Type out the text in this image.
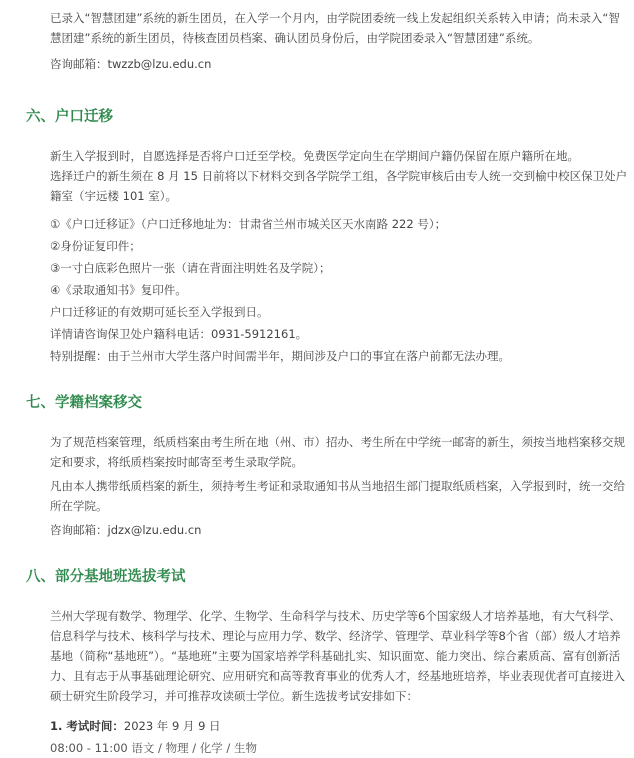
已录入“智慧团建”系统的新生团员，在入学一个月内，由学院团委统一线上发起组织关系转入申请；尚未录入“智慧团建”系统的新生团员，待核查团员档案、确认团员身份后，由学院团委录入“智慧团建”系统。

咨询邮箱：twzzb@lzu.edu.cn

六、户口迁移

新生入学报到时，自愿选择是否将户口迁至学校。免费医学定向生在学期间户籍仍保留在原户籍所在地。

选择迁户的新生须在 8 月 15 日前将以下材料交到各学院学工组，各学院审核后由专人统一交到榆中校区保卫处户籍室（宇远楼 101 室）。

①《户口迁移证》（户口迁移地址为：甘肃省兰州市城关区天水南路 222 号）；

②身份证复印件；

③一寸白底彩色照片一张（请在背面注明姓名及学院）；

④《录取通知书》复印件。

户口迁移证的有效期可延长至入学报到日。

详情请咨询保卫处户籍科电话：0931-5912161。

特别提醒：由于兰州市大学生落户时间需半年，期间涉及户口的事宜在落户前都无法办理。

七、学籍档案移交

为了规范档案管理，纸质档案由考生所在地（州、市）招办、考生所在中学统一邮寄的新生，须按当地档案移交规定和要求，将纸质档案按时邮寄至考生录取学院。

凡由本人携带纸质档案的新生，须持考生考证和录取通知书从当地招生部门提取纸质档案，入学报到时，统一交给所在学院。

咨询邮箱：jdzx@lzu.edu.cn

八、部分基地班选拔考试

兰州大学现有数学、物理学、化学、生物学、生命科学与技术、历史学等6个国家级人才培养基地，有大气科学、信息科学与技术、核科学与技术、理论与应用力学、数学、经济学、管理学、草业科学等8个省（部）级人才培养基地（简称“基地班”）。“基地班”主要为国家培养学科基础扎实、知识面宽、能力突出、综合素质高、富有创新活力、且有志于从事基础理论研究、应用研究和高等教育事业的优秀人才，经基地班培养，毕业表现优者可直接进入硕士研究生阶段学习，并可推荐攻读硕士学位。新生选拔考试安排如下：

1. 考试时间：2023 年 9 月 9 日

08:00 - 11:00 语文 / 物理 / 化学 / 生物
